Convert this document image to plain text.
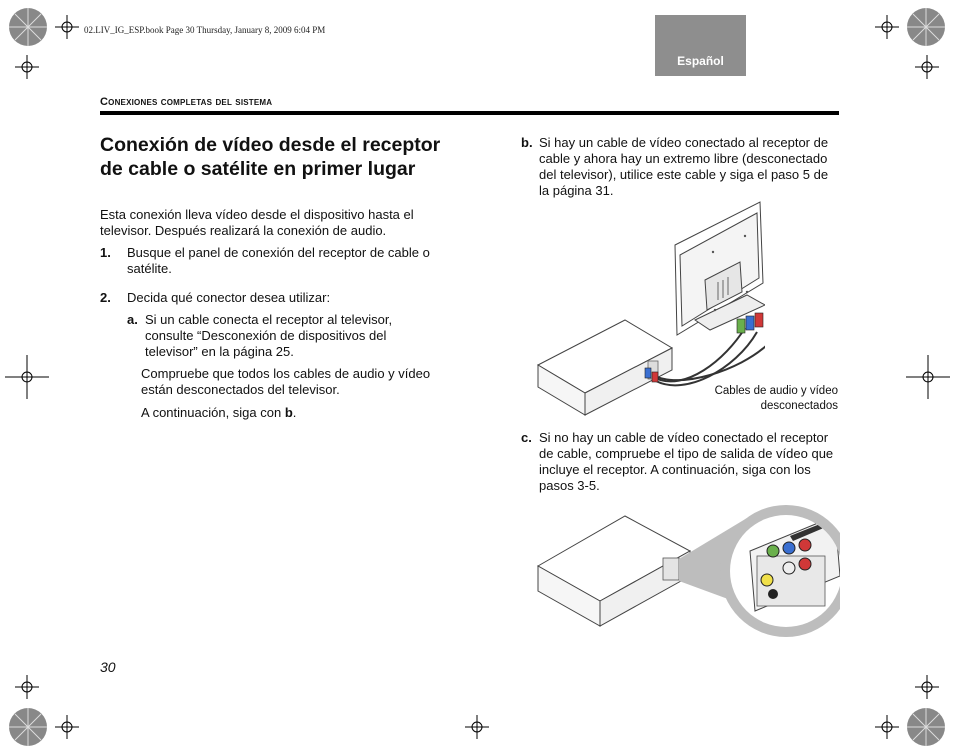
02.LIV_IG_ESP.book Page 30 Thursday, January 8, 2009 6:04 PM
Español
Conexiones completas del sistema
Conexión de vídeo desde el receptor de cable o satélite en primer lugar
Esta conexión lleva vídeo desde el dispositivo hasta el televisor. Después realizará la conexión de audio.
1.	Busque el panel de conexión del receptor de cable o satélite.
2.	Decida qué conector desea utilizar:
a. Si un cable conecta el receptor al televisor, consulte “Desconexión de dispositivos del televisor” en la página 25.
Compruebe que todos los cables de audio y vídeo están desconectados del televisor.
A continuación, siga con b.
b. Si hay un cable de vídeo conectado al receptor de cable y ahora hay un extremo libre (desconectado del televisor), utilice este cable y siga el paso 5 de la página 31.
Cables de audio y vídeo desconectados
c. Si no hay un cable de vídeo conectado el receptor de cable, compruebe el tipo de salida de vídeo que incluye el receptor. A continuación, siga con los pasos 3-5.
30
